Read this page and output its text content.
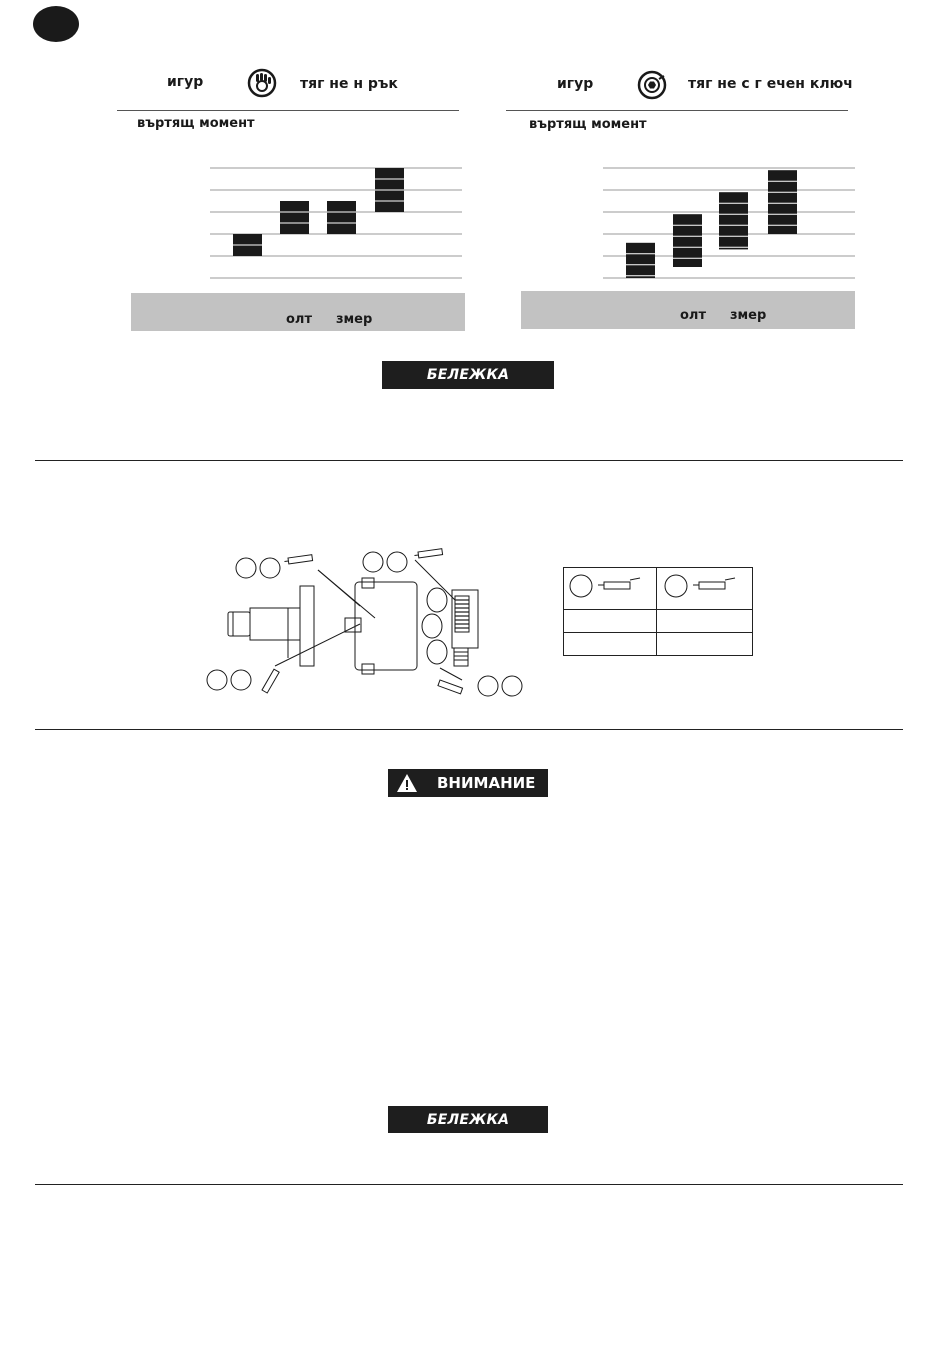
игур	тяг не н рък
въртящ момент
олт змер
игур	тяг не с г ечен ключ
въртящ момент
олт змер
БЕЛЕЖКА

ВНИМАНИЕ
БЕЛЕЖКА
